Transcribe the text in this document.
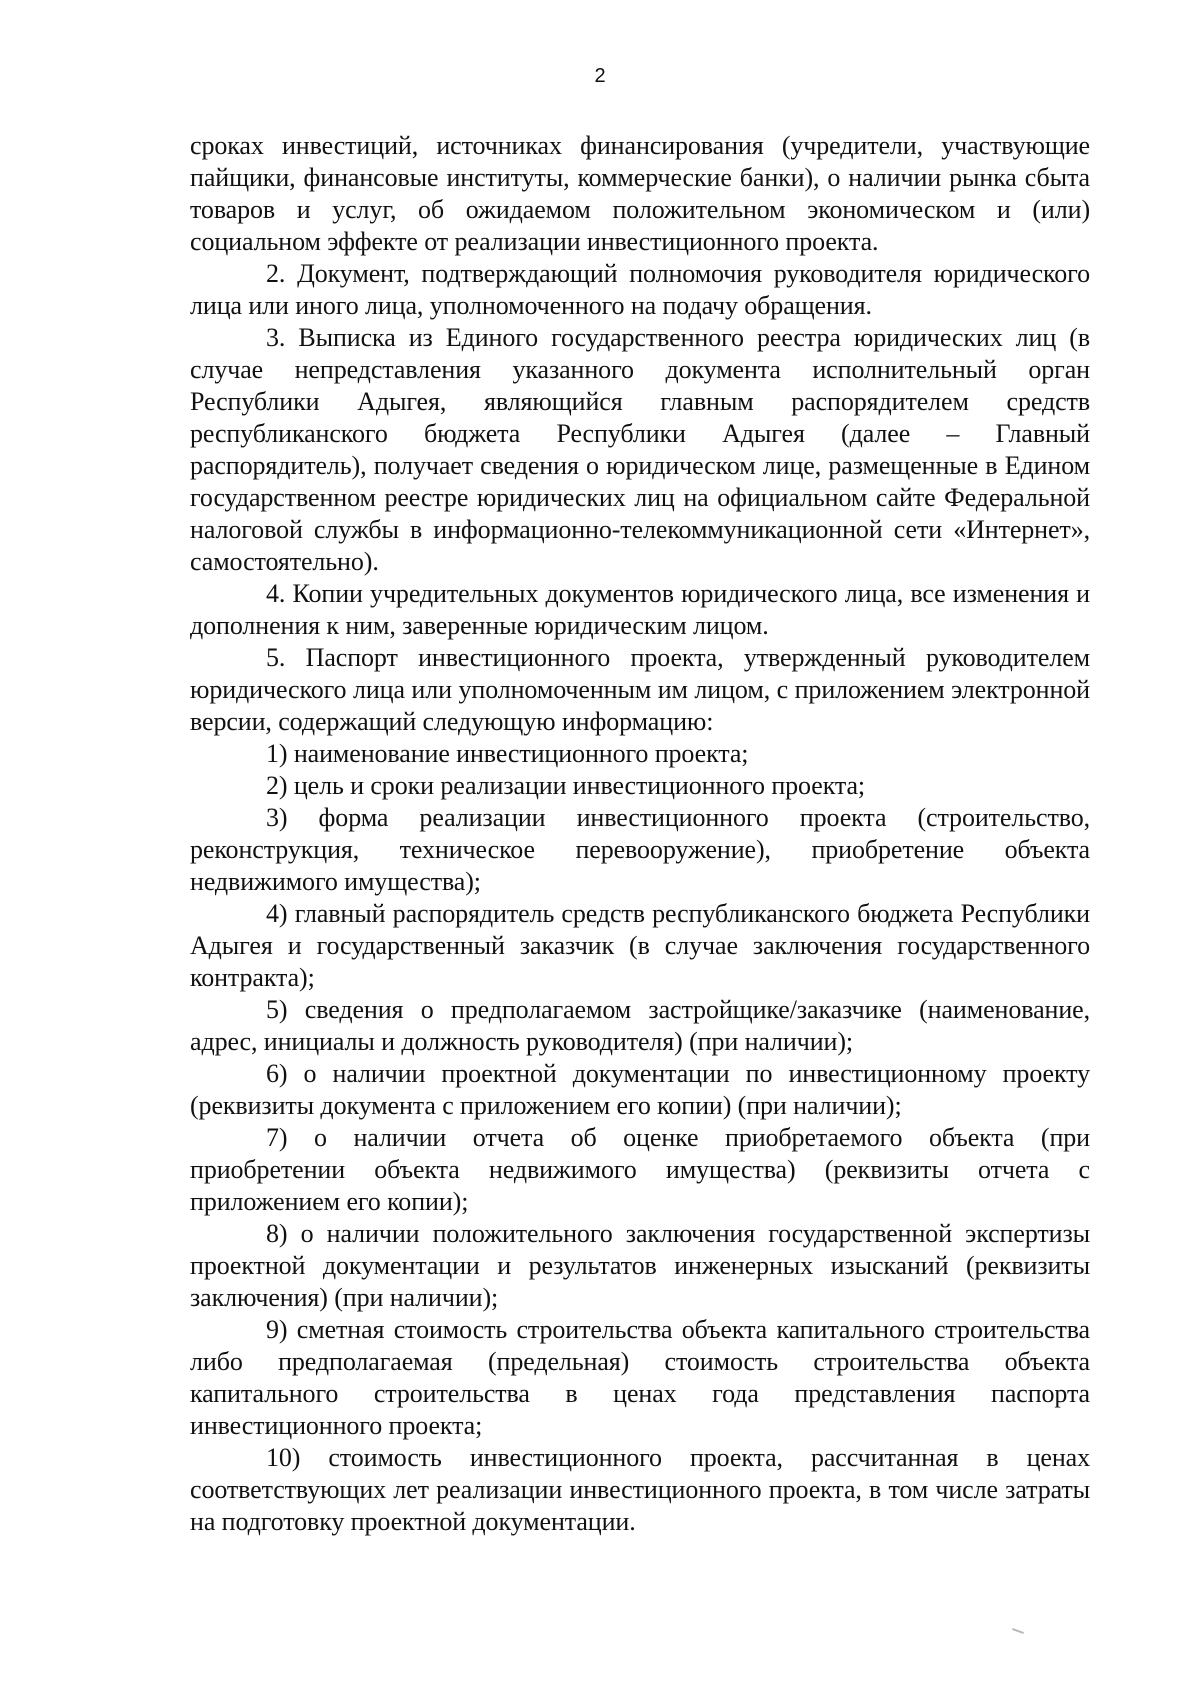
2

сроках инвестиций, источниках финансирования (учредители, участвующие пайщики, финансовые институты, коммерческие банки), о наличии рынка сбыта товаров и услуг, об ожидаемом положительном экономическом и (или) социальном эффекте от реализации инвестиционного проекта.

2. Документ, подтверждающий полномочия руководителя юридического лица или иного лица, уполномоченного на подачу обращения.

3. Выписка из Единого государственного реестра юридических лиц (в случае непредставления указанного документа исполнительный орган Республики Адыгея, являющийся главным распорядителем средств республиканского бюджета Республики Адыгея (далее – Главный распорядитель), получает сведения о юридическом лице, размещенные в Едином государственном реестре юридических лиц на официальном сайте Федеральной налоговой службы в информационно-телекоммуникационной сети «Интернет», самостоятельно).

4. Копии учредительных документов юридического лица, все изменения и дополнения к ним, заверенные юридическим лицом.

5. Паспорт инвестиционного проекта, утвержденный руководителем юридического лица или уполномоченным им лицом, с приложением электронной версии, содержащий следующую информацию:

1) наименование инвестиционного проекта;

2) цель и сроки реализации инвестиционного проекта;

3) форма реализации инвестиционного проекта (строительство, реконструкция, техническое перевооружение), приобретение объекта недвижимого имущества);

4) главный распорядитель средств республиканского бюджета Республики Адыгея и государственный заказчик (в случае заключения государственного контракта);

5) сведения о предполагаемом застройщике/заказчике (наименование, адрес, инициалы и должность руководителя) (при наличии);

6) о наличии проектной документации по инвестиционному проекту (реквизиты документа с приложением его копии) (при наличии);

7) о наличии отчета об оценке приобретаемого объекта (при приобретении объекта недвижимого имущества) (реквизиты отчета с приложением его копии);

8) о наличии положительного заключения государственной экспертизы проектной документации и результатов инженерных изысканий (реквизиты заключения) (при наличии);

9) сметная стоимость строительства объекта капитального строительства либо предполагаемая (предельная) стоимость строительства объекта капитального строительства в ценах года представления паспорта инвестиционного проекта;

10) стоимость инвестиционного проекта, рассчитанная в ценах соответствующих лет реализации инвестиционного проекта, в том числе затраты на подготовку проектной документации.
